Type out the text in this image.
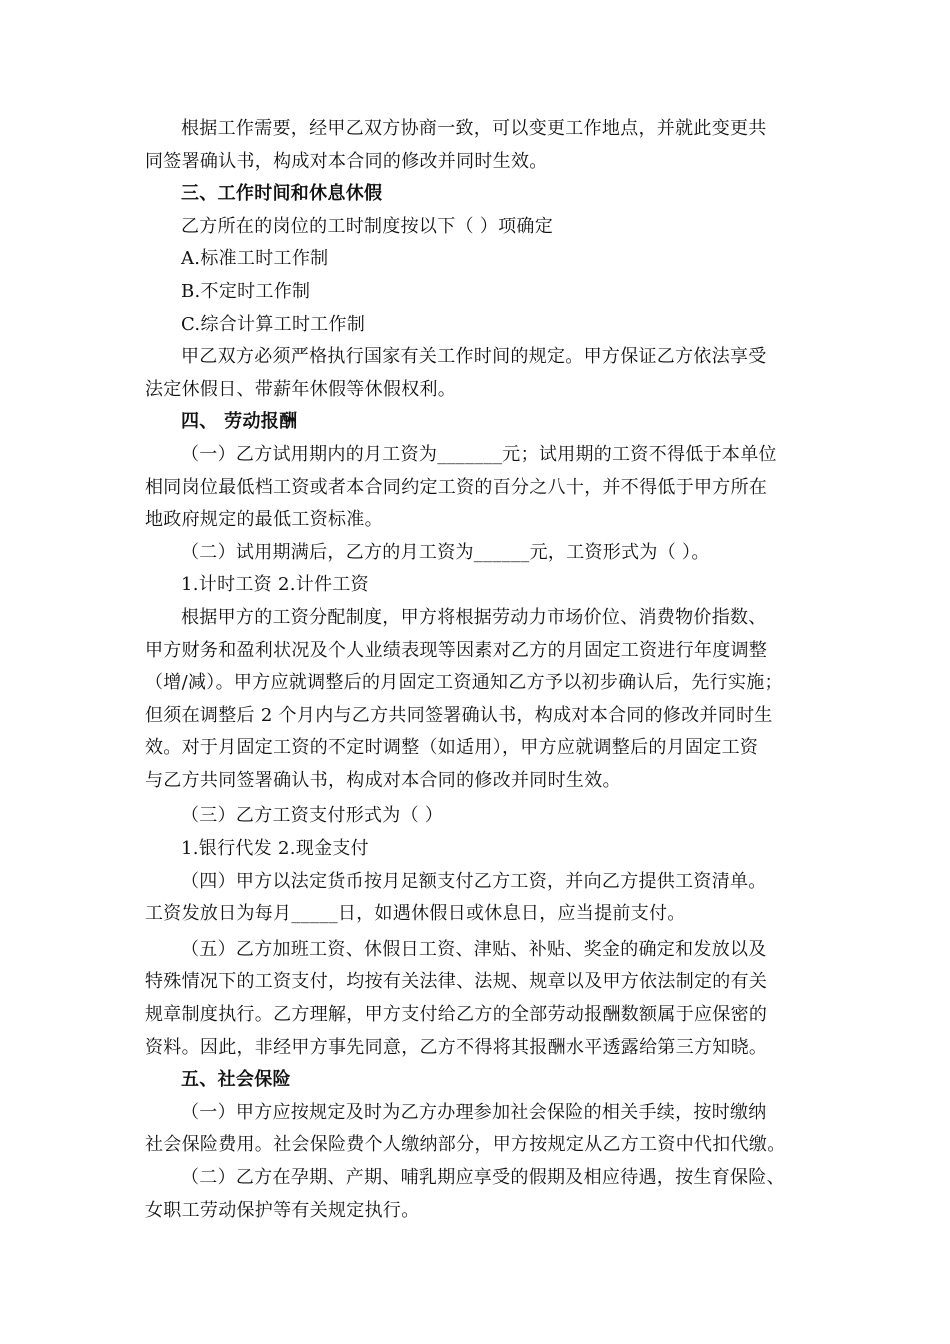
根据工作需要，经甲乙双方协商一致，可以变更工作地点，并就此变更共

同签署确认书，构成对本合同的修改并同时生效。

三、工作时间和休息休假

乙方所在的岗位的工时制度按以下（ ）项确定

A.标准工时工作制

B.不定时工作制

C.综合计算工时工作制

甲乙双方必须严格执行国家有关工作时间的规定。甲方保证乙方依法享受

法定休假日、带薪年休假等休假权利。

四、 劳动报酬

（一）乙方试用期内的月工资为_______元；试用期的工资不得低于本单位

相同岗位最低档工资或者本合同约定工资的百分之八十，并不得低于甲方所在

地政府规定的最低工资标准。

（二）试用期满后，乙方的月工资为______元，工资形式为（ ）。

1.计时工资 2.计件工资

根据甲方的工资分配制度，甲方将根据劳动力市场价位、消费物价指数、

甲方财务和盈利状况及个人业绩表现等因素对乙方的月固定工资进行年度调整

（增/减）。甲方应就调整后的月固定工资通知乙方予以初步确认后，先行实施；

但须在调整后 2 个月内与乙方共同签署确认书，构成对本合同的修改并同时生

效。对于月固定工资的不定时调整（如适用），甲方应就调整后的月固定工资

与乙方共同签署确认书，构成对本合同的修改并同时生效。

（三）乙方工资支付形式为（ ）

1.银行代发 2.现金支付

（四）甲方以法定货币按月足额支付乙方工资，并向乙方提供工资清单。

工资发放日为每月_____日，如遇休假日或休息日，应当提前支付。

（五）乙方加班工资、休假日工资、津贴、补贴、奖金的确定和发放以及

特殊情况下的工资支付，均按有关法律、法规、规章以及甲方依法制定的有关

规章制度执行。乙方理解，甲方支付给乙方的全部劳动报酬数额属于应保密的

资料。因此，非经甲方事先同意，乙方不得将其报酬水平透露给第三方知晓。

五、社会保险

（一）甲方应按规定及时为乙方办理参加社会保险的相关手续，按时缴纳

社会保险费用。社会保险费个人缴纳部分，甲方按规定从乙方工资中代扣代缴。

（二）乙方在孕期、产期、哺乳期应享受的假期及相应待遇，按生育保险、

女职工劳动保护等有关规定执行。
